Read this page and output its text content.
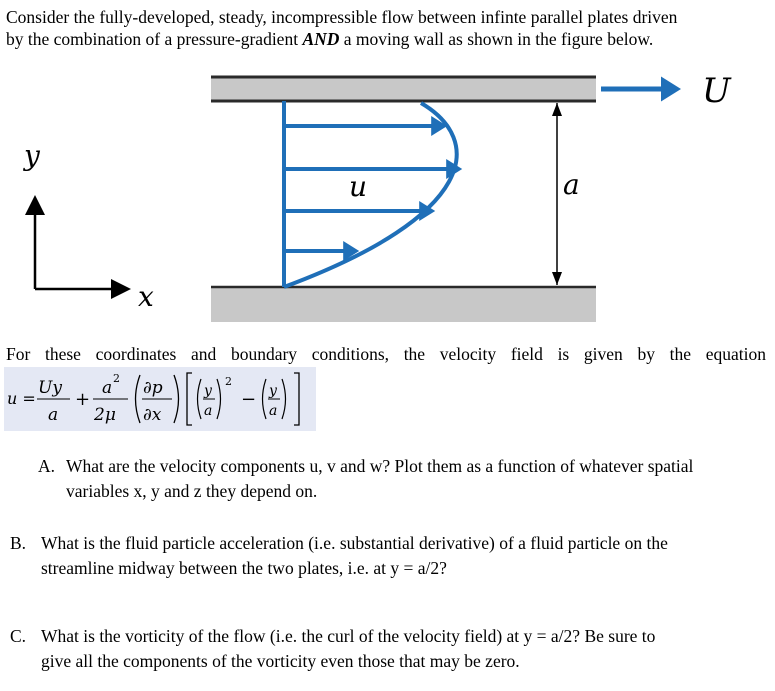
Consider the fully-developed, steady, incompressible flow between infinte parallel plates driven
by the combination of a pressure-gradient AND a moving wall as shown in the figure below.
U
u	a
y
x
For these coordinates and boundary conditions, the velocity field is given by the equation
u =
Uy
a
+
a 2
2μ
∂p
∂x
y
a
2
− y
a
A. What are the velocity components u, v and w? Plot them as a function of whatever spatial
variables x, y and z they depend on.
B. What is the fluid particle acceleration (i.e. substantial derivative) of a fluid particle on the
streamline midway between the two plates, i.e. at y = a/2?
C. What is the vorticity of the flow (i.e. the curl of the velocity field) at y = a/2? Be sure to
give all the components of the vorticity even those that may be zero.
